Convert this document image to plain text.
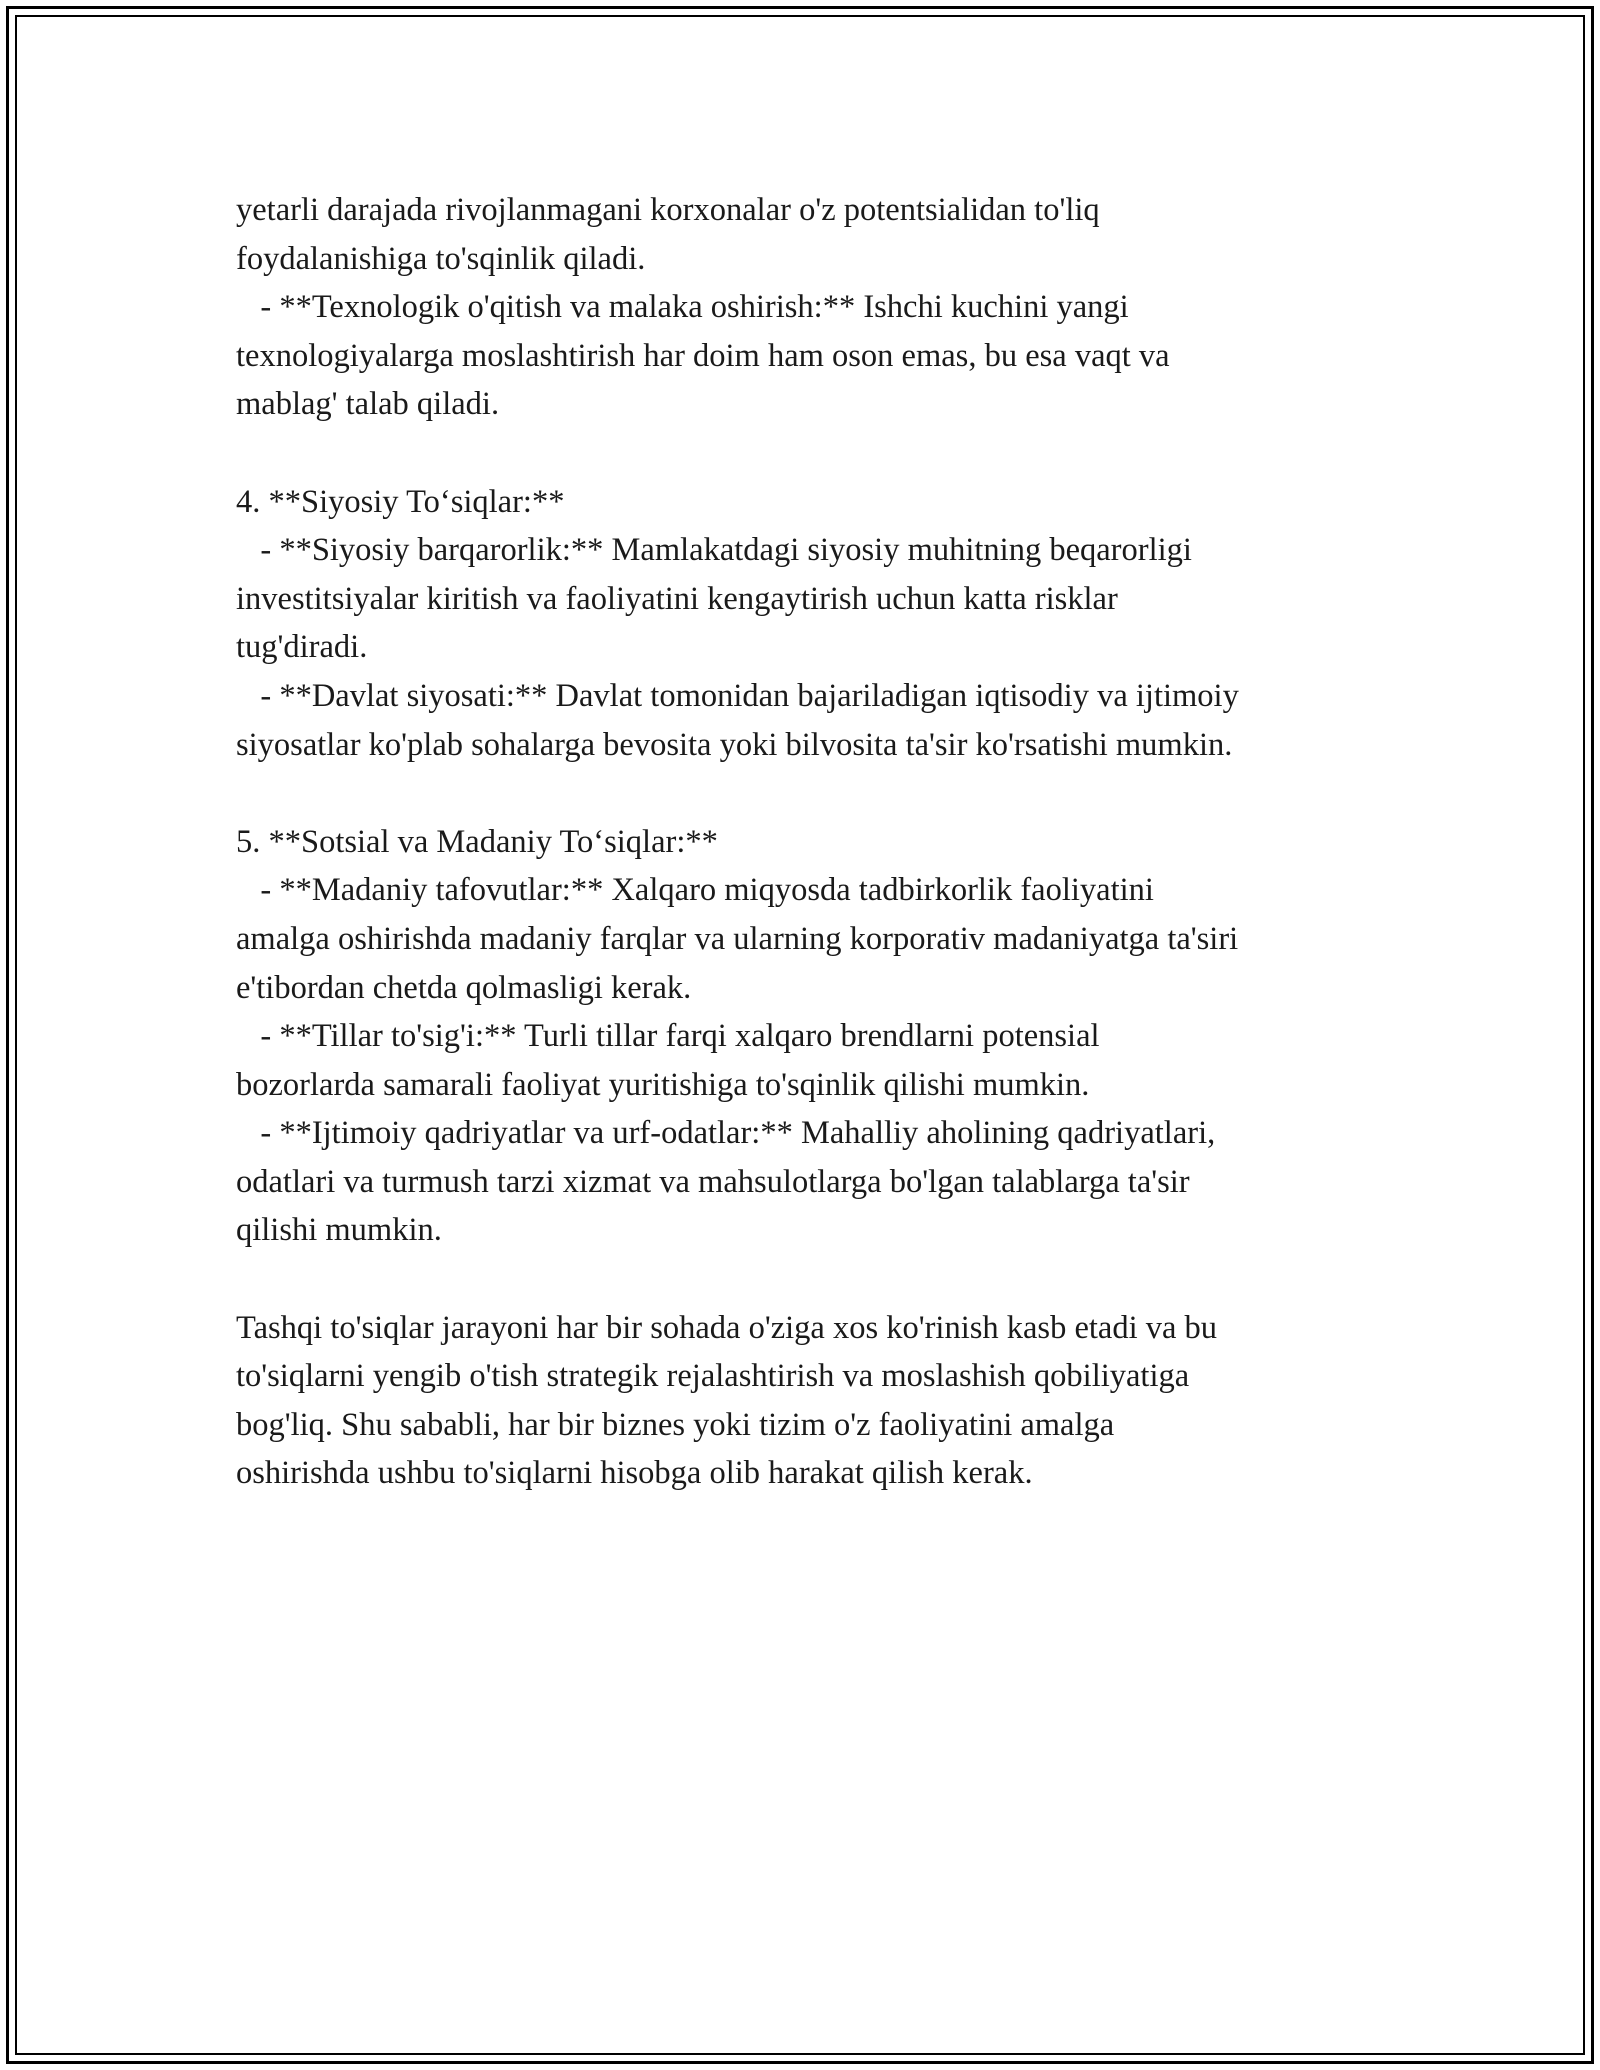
yetarli darajada rivojlanmagani korxonalar o'z potentsialidan to'liq
foydalanishiga to'sqinlik qiladi.
- **Texnologik o'qitish va malaka oshirish:** Ishchi kuchini yangi
texnologiyalarga moslashtirish har doim ham oson emas, bu esa vaqt va
mablag' talab qiladi.
4. **Siyosiy To‘siqlar:**
- **Siyosiy barqarorlik:** Mamlakatdagi siyosiy muhitning beqarorligi
investitsiyalar kiritish va faoliyatini kengaytirish uchun katta risklar
tug'diradi.
- **Davlat siyosati:** Davlat tomonidan bajariladigan iqtisodiy va ijtimoiy
siyosatlar ko'plab sohalarga bevosita yoki bilvosita ta'sir ko'rsatishi mumkin.
5. **Sotsial va Madaniy To‘siqlar:**
- **Madaniy tafovutlar:** Xalqaro miqyosda tadbirkorlik faoliyatini
amalga oshirishda madaniy farqlar va ularning korporativ madaniyatga ta'siri
e'tibordan chetda qolmasligi kerak.
- **Tillar to'sig'i:** Turli tillar farqi xalqaro brendlarni potensial
bozorlarda samarali faoliyat yuritishiga to'sqinlik qilishi mumkin.
- **Ijtimoiy qadriyatlar va urf-odatlar:** Mahalliy aholining qadriyatlari,
odatlari va turmush tarzi xizmat va mahsulotlarga bo'lgan talablarga ta'sir
qilishi mumkin.
Tashqi to'siqlar jarayoni har bir sohada o'ziga xos ko'rinish kasb etadi va bu
to'siqlarni yengib o'tish strategik rejalashtirish va moslashish qobiliyatiga
bog'liq. Shu sababli, har bir biznes yoki tizim o'z faoliyatini amalga
oshirishda ushbu to'siqlarni hisobga olib harakat qilish kerak.
